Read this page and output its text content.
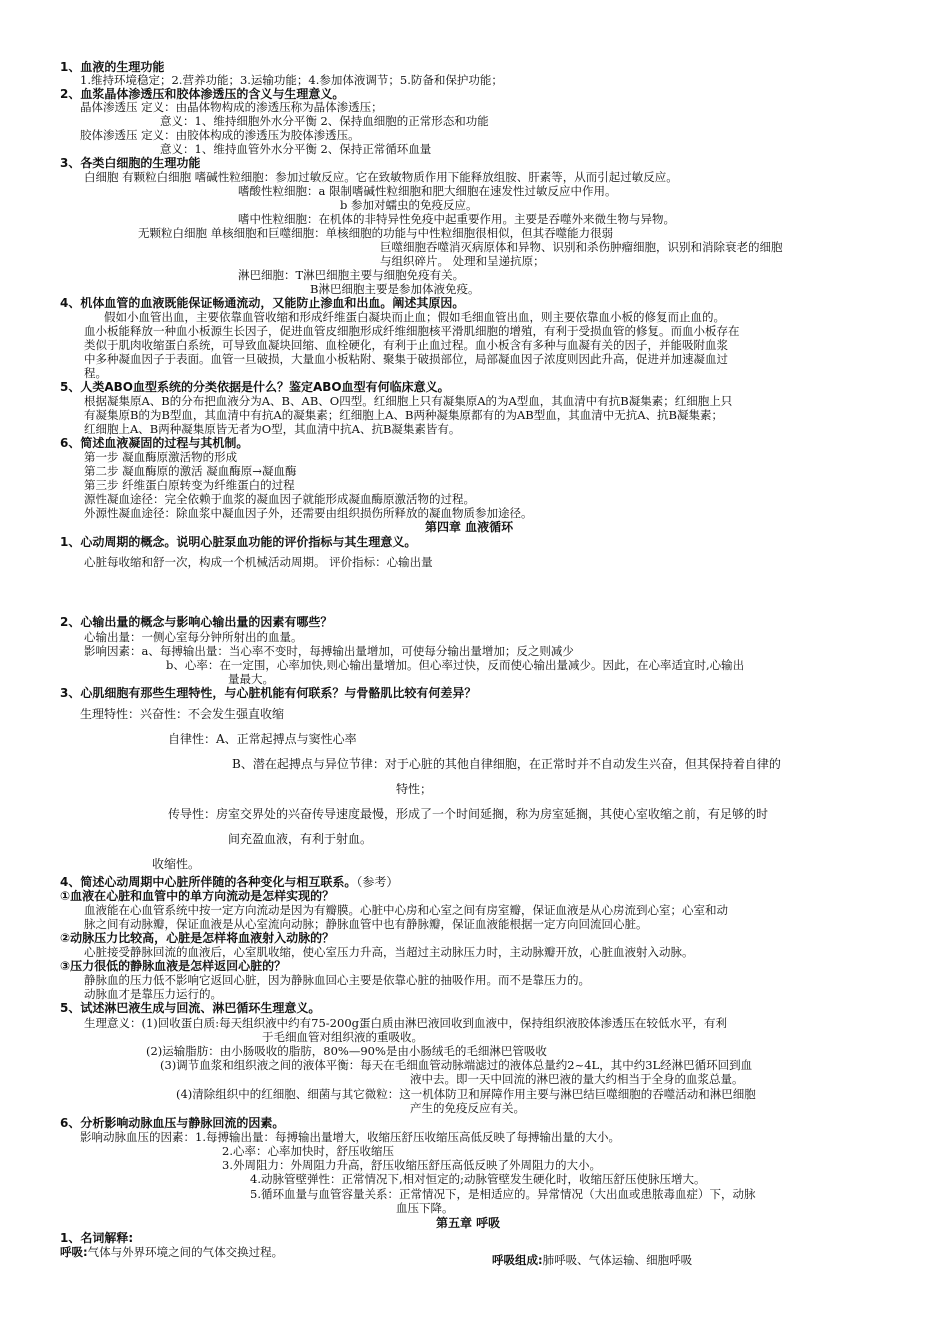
1、血液的生理功能
1.维持环境稳定；2.营养功能；3.运输功能；4.参加体液调节；5.防备和保护功能；
2、血浆晶体渗透压和胶体渗透压的含义与生理意义。
晶体渗透压 定义：由晶体物构成的渗透压称为晶体渗透压；
意义：1、维持细胞外水分平衡 2、保持血细胞的正常形态和功能
胶体渗透压 定义：由胶体构成的渗透压为胶体渗透压。
意义：1、维持血管外水分平衡 2、保持正常循环血量
3、各类白细胞的生理功能
白细胞 有颗粒白细胞 嗜碱性粒细胞：参加过敏反应。它在致敏物质作用下能释放组胺、肝素等，从而引起过敏反应。
嗜酸性粒细胞：a 限制嗜碱性粒细胞和肥大细胞在速发性过敏反应中作用。
b 参加对蠕虫的免疫反应。
嗜中性粒细胞：在机体的非特异性免疫中起重要作用。主要是吞噬外来微生物与异物。
无颗粒白细胞 单核细胞和巨噬细胞：单核细胞的功能与中性粒细胞很相似，但其吞噬能力很弱
巨噬细胞吞噬消灭病原体和异物、识别和杀伤肿瘤细胞，识别和消除衰老的细胞
与组织碎片。 处理和呈递抗原；
淋巴细胞：T淋巴细胞主要与细胞免疫有关。
B淋巴细胞主要是参加体液免疫。
4、机体血管的血液既能保证畅通流动，又能防止渗血和出血。阐述其原因。
假如小血管出血，主要依靠血管收缩和形成纤维蛋白凝块而止血；假如毛细血管出血，则主要依靠血小板的修复而止血的。
血小板能释放一种血小板源生长因子，促进血管皮细胞形成纤维细胞核平滑肌细胞的增殖，有利于受损血管的修复。而血小板存在
类似于肌肉收缩蛋白系统，可导致血凝块回缩、血栓硬化，有利于止血过程。血小板含有多种与血凝有关的因子，并能吸附血浆
中多种凝血因子于表面。血管一旦破损，大量血小板粘附、聚集于破损部位，局部凝血因子浓度则因此升高，促进并加速凝血过
程。
5、人类ABO血型系统的分类依据是什么？鉴定ABO血型有何临床意义。
根据凝集原A、B的分布把血液分为A、B、AB、O四型。红细胞上只有凝集原A的为A型血，其血清中有抗B凝集素；红细胞上只
有凝集原B的为B型血，其血清中有抗A的凝集素；红细胞上A、B两种凝集原都有的为AB型血，其血清中无抗A、抗B凝集素；
红细胞上A、B两种凝集原皆无者为O型，其血清中抗A、抗B凝集素皆有。
6、简述血液凝固的过程与其机制。
第一步 凝血酶原激活物的形成
第二步 凝血酶原的激活 凝血酶原→凝血酶
第三步 纤维蛋白原转变为纤维蛋白的过程
源性凝血途径：完全依赖于血浆的凝血因子就能形成凝血酶原激活物的过程。
外源性凝血途径：除血浆中凝血因子外，还需要由组织损伤所释放的凝血物质参加途径。
第四章 血液循环
1、心动周期的概念。说明心脏泵血功能的评价指标与其生理意义。
心脏每收缩和舒一次，构成一个机械活动周期。 评价指标：心输出量
2、心输出量的概念与影响心输出量的因素有哪些？
心输出量：一侧心室每分钟所射出的血量。
影响因素：a、每搏输出量：当心率不变时，每搏输出量增加，可使每分输出量增加；反之则减少
b、心率：在一定围，心率加快,则心输出量增加。但心率过快，反而使心输出量减少。因此，在心率适宜时,心输出
量最大。
3、心肌细胞有那些生理特性，与心脏机能有何联系？与骨骼肌比较有何差异？
生理特性：兴奋性：不会发生强直收缩
自律性：A、正常起搏点与窦性心率
B、潜在起搏点与异位节律：对于心脏的其他自律细胞，在正常时并不自动发生兴奋，但其保持着自律的
特性；
传导性：房室交界处的兴奋传导速度最慢，形成了一个时间延搁，称为房室延搁，其使心室收缩之前，有足够的时
间充盈血液，有利于射血。
收缩性。
4、简述心动周期中心脏所伴随的各种变化与相互联系。（参考）
①血液在心脏和血管中的单方向流动是怎样实现的？
血液能在心血管系统中按一定方向流动是因为有瓣膜。心脏中心房和心室之间有房室瓣，保证血液是从心房流到心室；心室和动
脉之间有动脉瓣，保证血液是从心室流向动脉；静脉血管中也有静脉瓣，保证血液能根据一定方向回流回心脏。
②动脉压力比较高，心脏是怎样将血液射入动脉的？
心脏接受静脉回流的血液后，心室肌收缩，使心室压力升高，当超过主动脉压力时，主动脉瓣开放，心脏血液射入动脉。
③压力很低的静脉血液是怎样返回心脏的？
静脉血的压力低不影响它返回心脏，因为静脉血回心主要是依靠心脏的抽吸作用。而不是靠压力的。
动脉血才是靠压力运行的。
5、试述淋巴液生成与回流、淋巴循环生理意义。
生理意义：(1)回收蛋白质:每天组织液中约有75-200g蛋白质由淋巴液回收到血液中，保持组织液胶体渗透压在较低水平，有利
于毛细血管对组织液的重吸收。
(2)运输脂肪：由小肠吸收的脂肪，80%—90%是由小肠绒毛的毛细淋巴管吸收
(3)调节血浆和组织液之间的液体平衡：每天在毛细血管动脉端滤过的液体总量约2~4L，其中约3L经淋巴循环回到血
液中去。即一天中回流的淋巴液的量大约相当于全身的血浆总量。
(4)清除组织中的红细胞、细菌与其它微粒：这一机体防卫和屏障作用主要与淋巴结巨噬细胞的吞噬活动和淋巴细胞
产生的免疫反应有关。
6、分析影响动脉血压与静脉回流的因素。
影响动脉血压的因素：1.每搏输出量：每搏输出量增大，收缩压舒压收缩压高低反映了每搏输出量的大小。
2.心率：心率加快时，舒压收缩压
3.外周阻力：外周阻力升高，舒压收缩压舒压高低反映了外周阻力的大小。
4.动脉管壁弹性：正常情况下,相对恒定的;动脉管壁发生硬化时，收缩压舒压使脉压增大。
5.循环血量与血管容量关系：正常情况下，是相适应的。异常情况（大出血或患脓毒血症）下，动脉
血压下降。
第五章 呼吸
1、名词解释:
呼吸:气体与外界环境之间的气体交换过程。
呼吸组成:肺呼吸、气体运输、细胞呼吸
